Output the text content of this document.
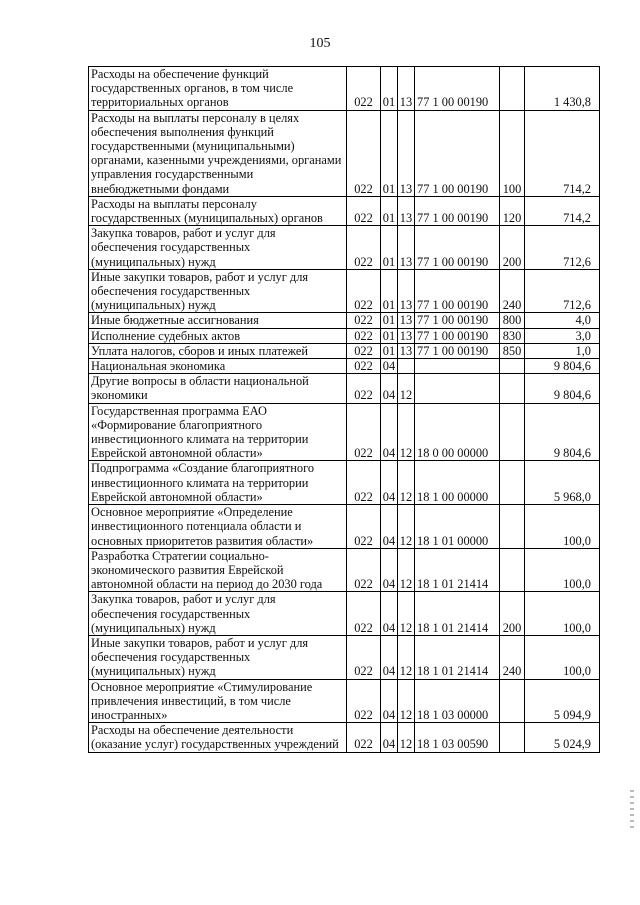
105
Расходы на обеспечение функций государственных органов, в том числе территориальных органов	022	01	13	77 1 00 00190		1 430,8
Расходы на выплаты персоналу в целях обеспечения выполнения функций государственными (муниципальными) органами, казенными учреждениями, органами управления государственными внебюджетными фондами	022	01	13	77 1 00 00190	100	714,2
Расходы на выплаты персоналу государственных (муниципальных) органов	022	01	13	77 1 00 00190	120	714,2
Закупка товаров, работ и услуг для обеспечения государственных (муниципальных) нужд	022	01	13	77 1 00 00190	200	712,6
Иные закупки товаров, работ и услуг для обеспечения государственных (муниципальных) нужд	022	01	13	77 1 00 00190	240	712,6
Иные бюджетные ассигнования	022	01	13	77 1 00 00190	800	4,0
Исполнение судебных актов	022	01	13	77 1 00 00190	830	3,0
Уплата налогов, сборов и иных платежей	022	01	13	77 1 00 00190	850	1,0
Национальная экономика	022	04				9 804,6
Другие вопросы в области национальной экономики	022	04	12			9 804,6
Государственная программа ЕАО «Формирование благоприятного инвестиционного климата на территории Еврейской автономной области»	022	04	12	18 0 00 00000		9 804,6
Подпрограмма «Создание благоприятного инвестиционного климата на территории Еврейской автономной области»	022	04	12	18 1 00 00000		5 968,0
Основное мероприятие «Определение инвестиционного потенциала области и основных приоритетов развития области»	022	04	12	18 1 01 00000		100,0
Разработка Стратегии социально-экономического развития Еврейской автономной области на период до 2030 года	022	04	12	18 1 01 21414		100,0
Закупка товаров, работ и услуг для обеспечения государственных (муниципальных) нужд	022	04	12	18 1 01 21414	200	100,0
Иные закупки товаров, работ и услуг для обеспечения государственных (муниципальных) нужд	022	04	12	18 1 01 21414	240	100,0
Основное мероприятие «Стимулирование привлечения инвестиций, в том числе иностранных»	022	04	12	18 1 03 00000		5 094,9
Расходы на обеспечение деятельности (оказание услуг) государственных учреждений	022	04	12	18 1 03 00590		5 024,9
